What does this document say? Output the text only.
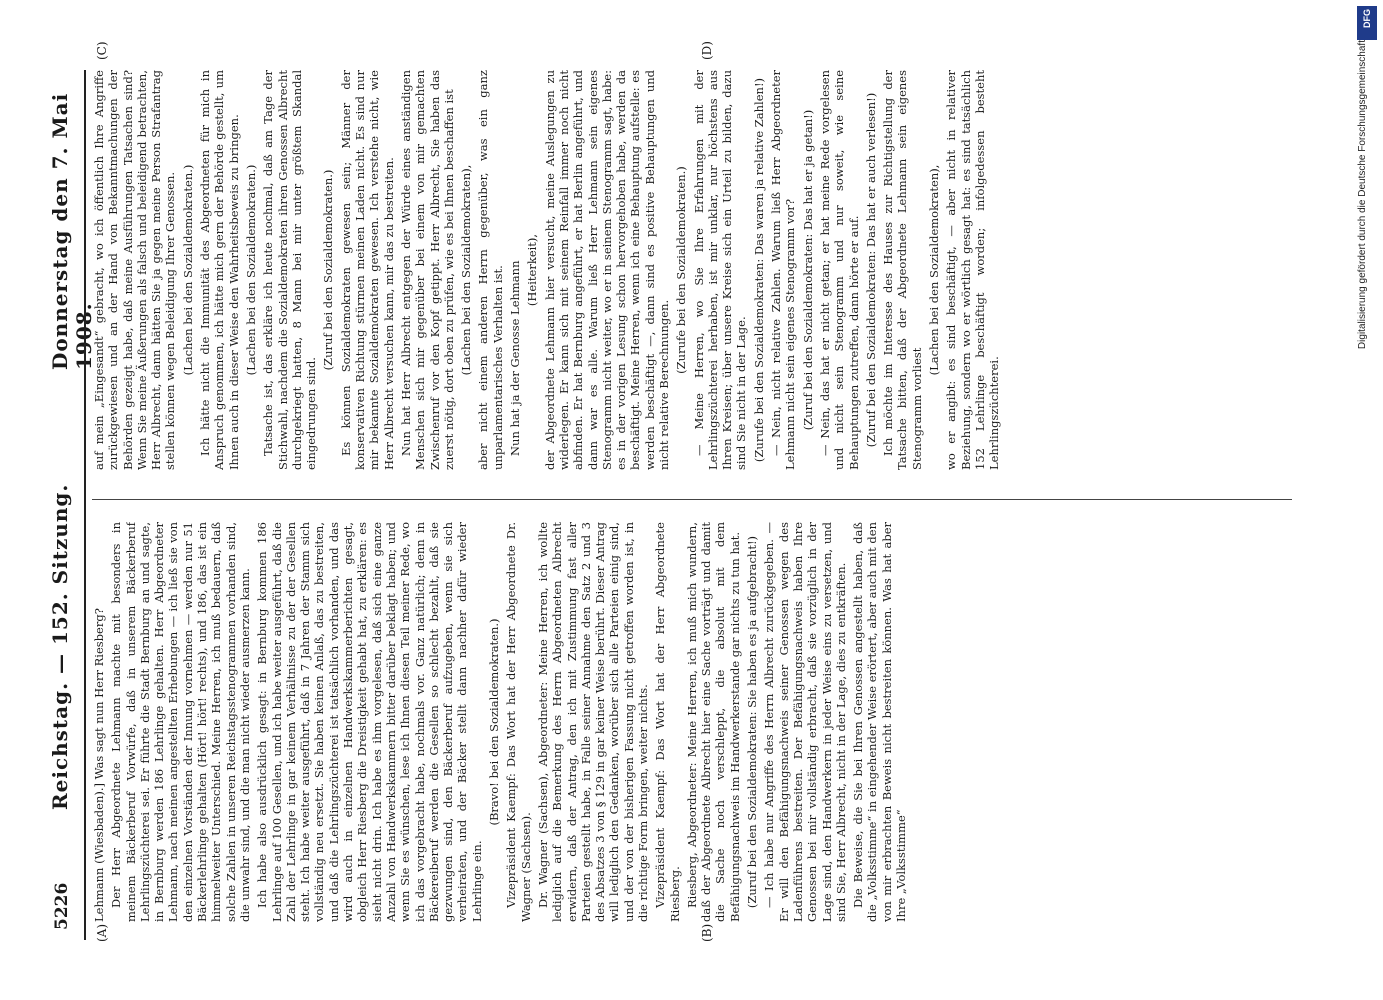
5226
Reichstag. — 152. Sitzung.
Donnerstag den 7. Mai 1908.
(A)	(B)
(C)	(D)

Lehmann (Wiesbaden).] Was sagt nun Herr Riesberg? Der Herr Abgeordnete Lehmann machte mit besonders in meinem Bäckerberuf Vorwürfe, daß in unserem Bäckerberuf Lehrlingszüchterei sei. Er führte die Stadt Bernburg an und sagte, in Bernburg werden 186 Lehrlinge gehalten. Herr Abgeordneter Lehmann, nach meinen angestellten Erhebungen — ich ließ sie von den einzelnen Vorständen der Innung vornehmen — werden nur 51 Bäckerlehrlinge gehalten (Hört! hört! rechts), und 186, das ist ein himmelweiter Unterschied. Meine Herren, ich muß bedauern, daß solche Zahlen in unseren Reichstagsstenogrammen vorhanden sind, die unwahr sind, und die man nicht wieder ausmerzen kann. Ich habe also ausdrücklich gesagt: in Bernburg kommen 186 Lehrlinge auf 100 Gesellen, und ich habe weiter ausgeführt, daß die Zahl der Lehrlinge in gar keinem Verhältnisse zu der der Gesellen steht. Ich habe weiter ausgeführt, daß in 7 Jahren der Stamm sich vollständig neu ersetzt. Sie haben keinen Anlaß, das zu bestreiten, und daß die Lehrlingszüchterei ist tatsächlich vorhanden, und das wird auch in einzelnen Handwerkskammerberichten gesagt, obgleich Herr Riesberg die Dreistigkeit gehabt hat, zu erklären: es sieht nicht drin. Ich habe es ihm vorgelesen, daß sich eine ganze Anzahl von Handwerkskammern bitter darüber beklagt haben; und wenn Sie es wünschen, lese ich Ihnen diesen Teil meiner Rede, wo ich das vorgebracht habe, nochmals vor. Ganz natürlich; denn in Bäckereiberuf werden die Gesellen so schlecht bezahlt, daß sie gezwungen sind, den Bäckerberuf aufzugeben, wenn sie sich verheiraten, und der Bäcker stellt dann nachher dafür wieder Lehrlinge ein.

(Bravo! bei den Sozialdemokraten.) Vizepräsident Kaempf: Das Wort hat der Herr Abgeordnete Dr. Wagner (Sachsen). Dr. Wagner (Sachsen), Abgeordneter: Meine Herren, ich wollte lediglich auf die Bemerkung des Herrn Abgeordneten Albrecht erwidern, daß der Antrag, den ich mit Zustimmung fast aller Parteien gestellt habe, in Falle seiner Annahme den Satz 2 und 3 des Absatzes 3 von § 129 in gar keiner Weise berührt. Dieser Antrag will lediglich den Gedanken, worüber sich alle Parteien einig sind, und der von der bisherigen Fassung nicht getroffen worden ist, in die richtige Form bringen, weiter nichts. Vizepräsident Kaempf: Das Wort hat der Herr Abgeordnete Riesberg. Riesberg, Abgeordneter: Meine Herren, ich muß mich wundern, daß der Abgeordnete Albrecht hier eine Sache vorträgt und damit die Sache noch verschleppt, die absolut mit dem Befähigungsnachweis im Handwerkerstande gar nichts zu tun hat. (Zuruf bei den Sozialdemokraten: Sie haben es ja aufgebracht!) — Ich habe nur Angriffe des Herrn Albrecht zurückgegeben. — Er will den Befähigungsnachweis seiner Genossen wegen des Ladenführens bestreiten. Der Befähigungsnachweis haben Ihre Genossen bei mir vollständig erbracht, daß sie vorzüglich in der Lage sind, den Handwerkern in jeder Weise eins zu versetzen, und sind Sie, Herr Albrecht, nicht in der Lage, dies zu entkräften. Die Beweise, die Sie bei Ihren Genossen angestellt haben, daß die „Volksstimme“ in eingehender Weise erörtert, aber auch mit den von mir erbrachten Beweis nicht bestreiten können. Was hat aber Ihre „Volksstimme“

auf mein „Eingesandt“ gebracht, wo ich öffentlich Ihre Angriffe zurückgewiesen und an der Hand von Bekanntmachungen der Behörden gezeigt habe, daß meine Ausführungen Tatsachen sind? Wenn Sie meine Äußerungen als falsch und beleidigend betrachten, Herr Albrecht, dann hätten Sie ja gegen meine Person Strafantrag stellen können wegen Beleidigung Ihrer Genossen. (Lachen bei den Sozialdemokraten.) Ich hätte nicht die Immunität des Abgeordneten für mich in Anspruch genommen, ich hätte mich gern der Behörde gestellt, um Ihnen auch in dieser Weise den Wahrheitsbeweis zu bringen. (Lachen bei den Sozialdemokraten.) Tatsache ist, das erkläre ich heute nochmal, daß am Tage der Stichwahl, nachdem die Sozialdemokraten ihren Genossen Albrecht durchgekriegt hatten, 8 Mann bei mir unter größtem Skandal eingedrungen sind.

(Zuruf bei den Sozialdemokraten.) Es können Sozialdemokraten gewesen sein; Männer der konservativen Richtung stürmen meinen Laden nicht. Es sind nur mir bekannte Sozialdemokraten gewesen. Ich verstehe nicht, wie Herr Albrecht versuchen kann, mir das zu bestreiten. Nun hat Herr Albrecht entgegen der Würde eines anständigen Menschen sich mir gegenüber bei einem von mir gemachten Zwischenruf vor den Kopf getippt. Herr Albrecht, Sie haben das zuerst nötig, dort oben zu prüfen, wie es bei Ihnen beschaffen ist (Lachen bei den Sozialdemokraten), aber nicht einem anderen Herrn gegenüber, was ein ganz unparlamentarisches Verhalten ist. Nun hat ja der Genosse Lehmann (Heiterkeit), der Abgeordnete Lehmann hier versucht, meine Auslegungen zu widerlegen. Er kann sich mit seinem Reinfall immer noch nicht abfinden. Er hat Bernburg angeführt, er hat Berlin angeführt, und dann war es alle. Warum ließ Herr Lehmann sein eigenes Stenogramm nicht weiter, wo er in seinem Stenogramm sagt, habe: es in der vorigen Lesung schon hervorgehoben habe, werden da beschäftigt. Meine Herren, wenn ich eine Behauptung aufstelle: es werden beschäftigt —, dann sind es positive Behauptungen und nicht relative Berechnungen.

(Zurufe bei den Sozialdemokraten.) — Meine Herren, wo Sie Ihre Erfahrungen mit der Lehrlingszüchterei herhaben, ist mir unklar, nur höchstens aus Ihren Kreisen; über unsere Kreise sich ein Urteil zu bilden, dazu sind Sie nicht in der Lage. (Zurufe bei den Sozialdemokraten: Das waren ja relative Zahlen!) — Nein, nicht relative Zahlen. Warum ließ Herr Abgeordneter Lehmann nicht sein eigenes Stenogramm vor? (Zuruf bei den Sozialdemokraten: Das hat er ja getan!) — Nein, das hat er nicht getan; er hat meine Rede vorgelesen und nicht sein Stenogramm und nur soweit, wie seine Behauptungen zutreffen, dann hörte er auf. (Zuruf bei den Sozialdemokraten: Das hat er auch verlesen!) Ich möchte im Interesse des Hauses zur Richtigstellung der Tatsache bitten, daß der Abgeordnete Lehmann sein eigenes Stenogramm vorliest

(Lachen bei den Sozialdemokraten), wo er angibt: es sind beschäftigt, — aber nicht in relativer Beziehung, sondern wo er wörtlich gesagt hat: es sind tatsächlich 152 Lehrlinge beschäftigt worden; infolgedessen besteht Lehrlingszüchterei.

DFG
Digitalisierung gefördert durch die Deutsche Forschungsgemeinschaft
